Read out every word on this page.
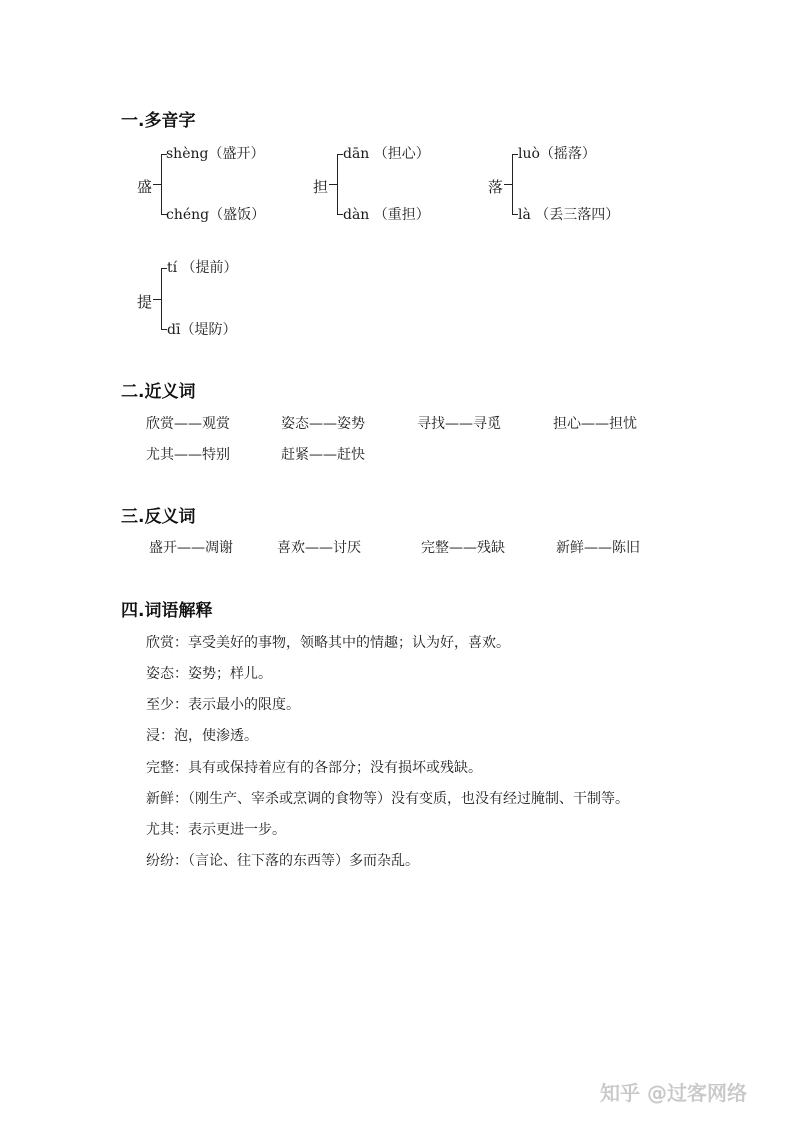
一.多音字
盛
shèng（盛开）
chéng（盛饭）
担
dān （担心）
dàn （重担）
落
luò（摇落）
là （丢三落四）
提
tí （提前）
dī（堤防）
二.近义词
欣赏——观赏	姿态——姿势	寻找——寻觅	担心——担忧
尤其——特别	赶紧——赶快
三.反义词
盛开——凋谢	喜欢——讨厌	完整——残缺	新鲜——陈旧
四.词语解释
欣赏：享受美好的事物，领略其中的情趣；认为好，喜欢。
姿态：姿势；样儿。
至少：表示最小的限度。
浸：泡，使渗透。
完整：具有或保持着应有的各部分；没有损坏或残缺。
新鲜：（刚生产、宰杀或烹调的食物等）没有变质，也没有经过腌制、干制等。
尤其：表示更进一步。
纷纷：（言论、往下落的东西等）多而杂乱。
知乎 @过客网络
